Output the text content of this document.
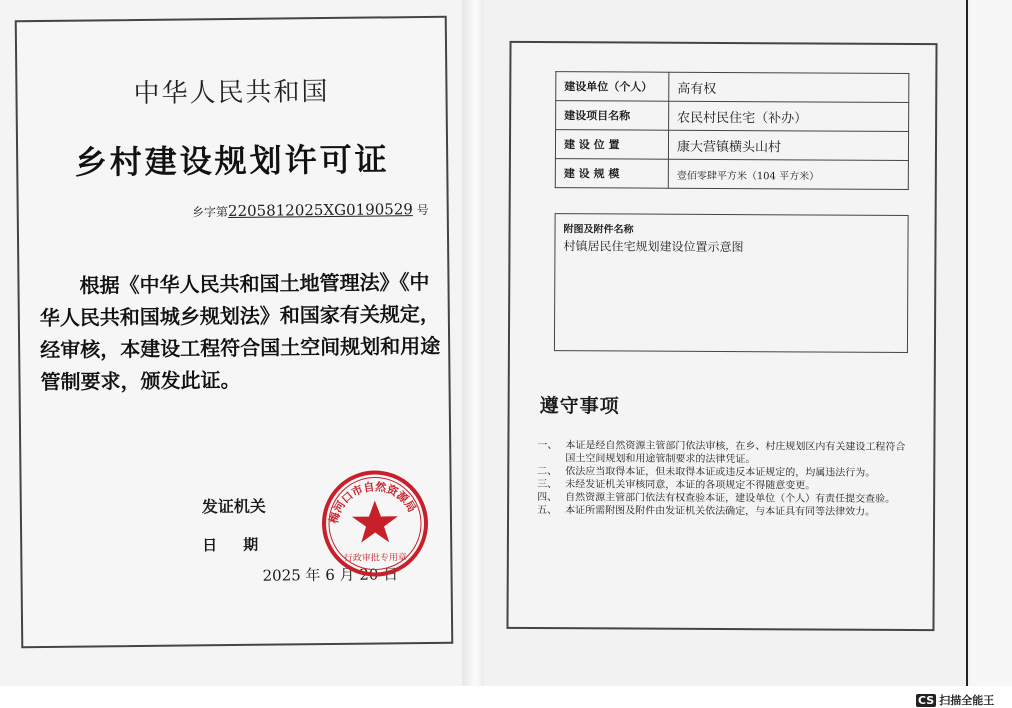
中华人民共和国
乡村建设规划许可证
乡字第2205812025XG0190529 号
根据《中华人民共和国土地管理法》《中华人民共和国城乡规划法》和国家有关规定，经审核，本建设工程符合国土空间规划和用途管制要求，颁发此证。
发证机关
日期
2025 年 6 月 20 日
梅河口市自然资源局
行政审批专用章
建设单位（个人）	高有权
建设项目名称	农民村民住宅（补办）
建 设 位 置	康大营镇横头山村
建 设 规 模	壹佰零肆平方米（104 平方米）
附图及附件名称
村镇居民住宅规划建设位置示意图
遵守事项
一、 本证是经自然资源主管部门依法审核，在乡、村庄规划区内有关建设工程符合国土空间规划和用途管制要求的法律凭证。
二、 依法应当取得本证，但未取得本证或违反本证规定的，均属违法行为。
三、 未经发证机关审核同意，本证的各项规定不得随意变更。
四、 自然资源主管部门依法有权查验本证，建设单位（个人）有责任提交查验。
五、 本证所需附图及附件由发证机关依法确定，与本证具有同等法律效力。
CS 扫描全能王
